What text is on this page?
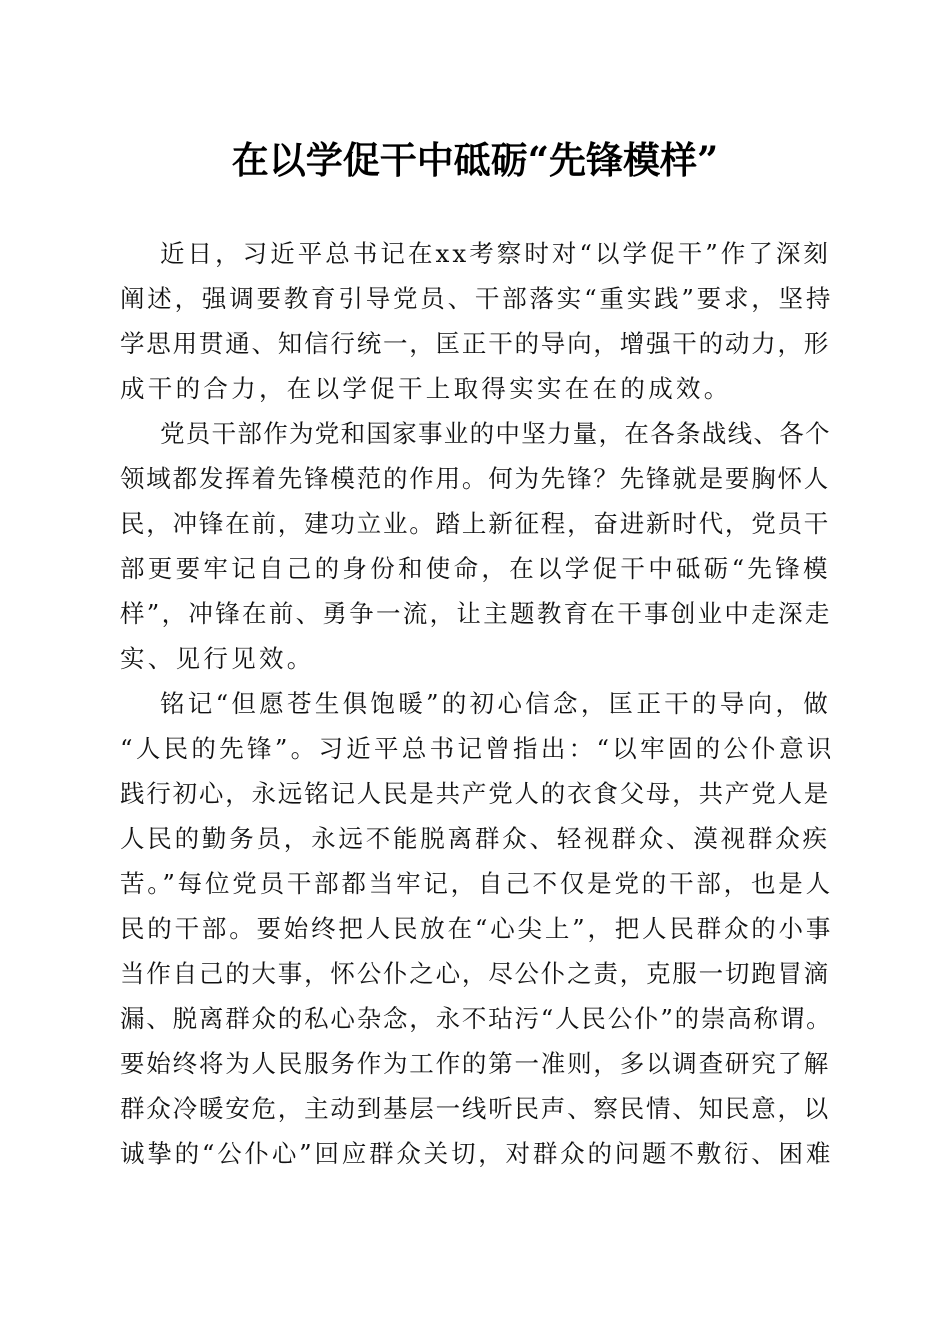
在以学促干中砥砺“先锋模样”
近日，习近平总书记在xx考察时对“以学促干”作了深刻
阐述，强调要教育引导党员、干部落实“重实践”要求，坚持
学思用贯通、知信行统一，匡正干的导向，增强干的动力，形
成干的合力，在以学促干上取得实实在在的成效。
党员干部作为党和国家事业的中坚力量，在各条战线、各个
领域都发挥着先锋模范的作用。何为先锋？先锋就是要胸怀人
民，冲锋在前，建功立业。踏上新征程，奋进新时代，党员干
部更要牢记自己的身份和使命，在以学促干中砥砺“先锋模
样”，冲锋在前、勇争一流，让主题教育在干事创业中走深走
实、见行见效。
铭记“但愿苍生俱饱暖”的初心信念，匡正干的导向，做
“人民的先锋”。习近平总书记曾指出：“以牢固的公仆意识
践行初心，永远铭记人民是共产党人的衣食父母，共产党人是
人民的勤务员，永远不能脱离群众、轻视群众、漠视群众疾
苦。”每位党员干部都当牢记，自己不仅是党的干部，也是人
民的干部。要始终把人民放在“心尖上”，把人民群众的小事
当作自己的大事，怀公仆之心，尽公仆之责，克服一切跑冒滴
漏、脱离群众的私心杂念，永不玷污“人民公仆”的崇高称谓。
要始终将为人民服务作为工作的第一准则，多以调查研究了解
群众冷暖安危，主动到基层一线听民声、察民情、知民意，以
诚挚的“公仆心”回应群众关切，对群众的问题不敷衍、困难
